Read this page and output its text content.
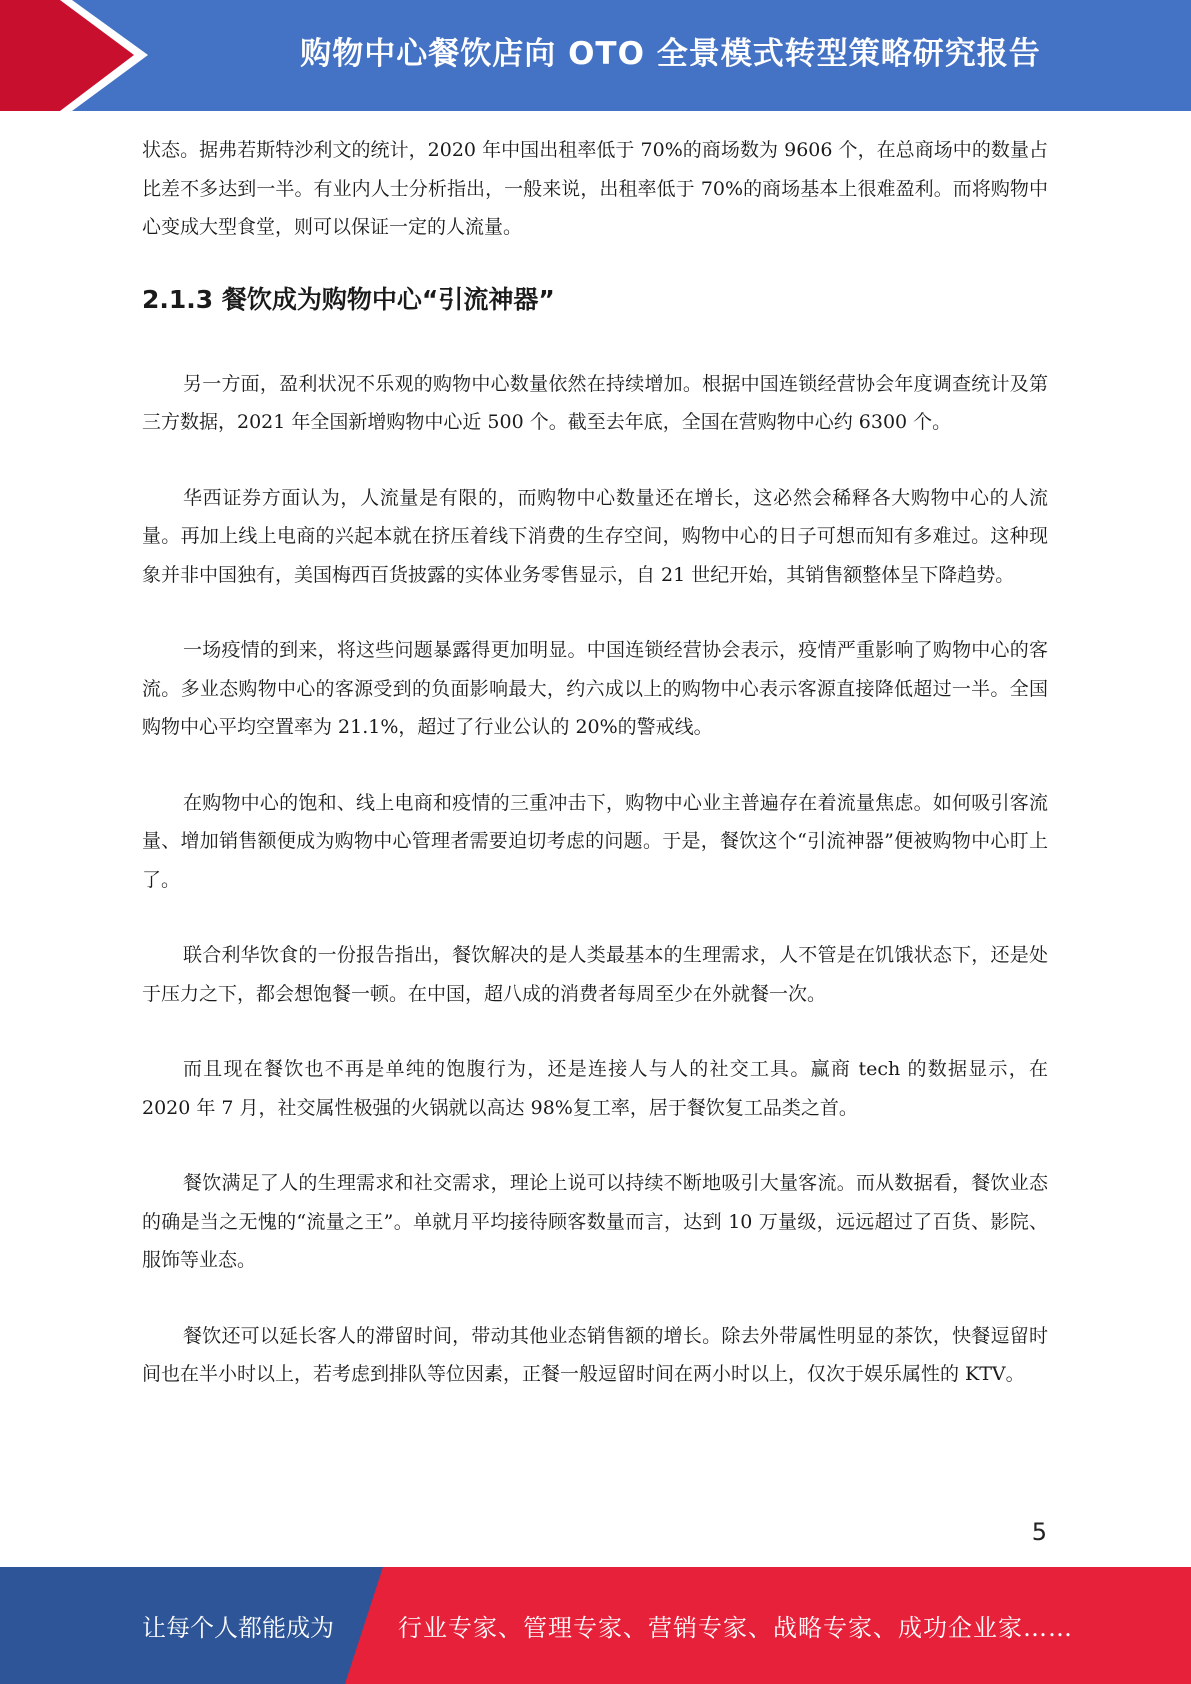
购物中心餐饮店向 OTO 全景模式转型策略研究报告

状态。据弗若斯特沙利文的统计，2020 年中国出租率低于 70%的商场数为 9606 个，在总商场中的数量占比差不多达到一半。有业内人士分析指出，一般来说，出租率低于 70%的商场基本上很难盈利。而将购物中心变成大型食堂，则可以保证一定的人流量。

2.1.3 餐饮成为购物中心“引流神器”

另一方面，盈利状况不乐观的购物中心数量依然在持续增加。根据中国连锁经营协会年度调查统计及第三方数据，2021 年全国新增购物中心近 500 个。截至去年底，全国在营购物中心约 6300 个。

华西证券方面认为，人流量是有限的，而购物中心数量还在增长，这必然会稀释各大购物中心的人流量。再加上线上电商的兴起本就在挤压着线下消费的生存空间，购物中心的日子可想而知有多难过。这种现象并非中国独有，美国梅西百货披露的实体业务零售显示，自 21 世纪开始，其销售额整体呈下降趋势。

一场疫情的到来，将这些问题暴露得更加明显。中国连锁经营协会表示，疫情严重影响了购物中心的客流。多业态购物中心的客源受到的负面影响最大，约六成以上的购物中心表示客源直接降低超过一半。全国购物中心平均空置率为 21.1%，超过了行业公认的 20%的警戒线。

在购物中心的饱和、线上电商和疫情的三重冲击下，购物中心业主普遍存在着流量焦虑。如何吸引客流量、增加销售额便成为购物中心管理者需要迫切考虑的问题。于是，餐饮这个“引流神器”便被购物中心盯上了。

联合利华饮食的一份报告指出，餐饮解决的是人类最基本的生理需求，人不管是在饥饿状态下，还是处于压力之下，都会想饱餐一顿。在中国，超八成的消费者每周至少在外就餐一次。

而且现在餐饮也不再是单纯的饱腹行为，还是连接人与人的社交工具。赢商 tech 的数据显示，在 2020 年 7 月，社交属性极强的火锅就以高达 98%复工率，居于餐饮复工品类之首。

餐饮满足了人的生理需求和社交需求，理论上说可以持续不断地吸引大量客流。而从数据看，餐饮业态的确是当之无愧的“流量之王”。单就月平均接待顾客数量而言，达到 10 万量级，远远超过了百货、影院、服饰等业态。

餐饮还可以延长客人的滞留时间，带动其他业态销售额的增长。除去外带属性明显的茶饮，快餐逗留时间也在半小时以上，若考虑到排队等位因素，正餐一般逗留时间在两小时以上，仅次于娱乐属性的 KTV。

5
让每个人都能成为	行业专家、管理专家、营销专家、战略专家、成功企业家……
